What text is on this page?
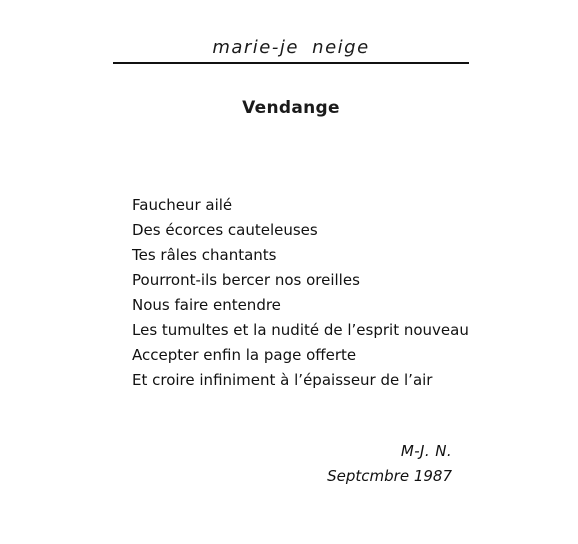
marie-je neige
Vendange
Faucheur ailé
Des écorces cauteleuses
Tes râles chantants
Pourront-ils bercer nos oreilles
Nous faire entendre
Les tumultes et la nudité de l’esprit nouveau
Accepter enfin la page offerte
Et croire infiniment à l’épaisseur de l’air
M-J. N.
Septcmbre 1987
